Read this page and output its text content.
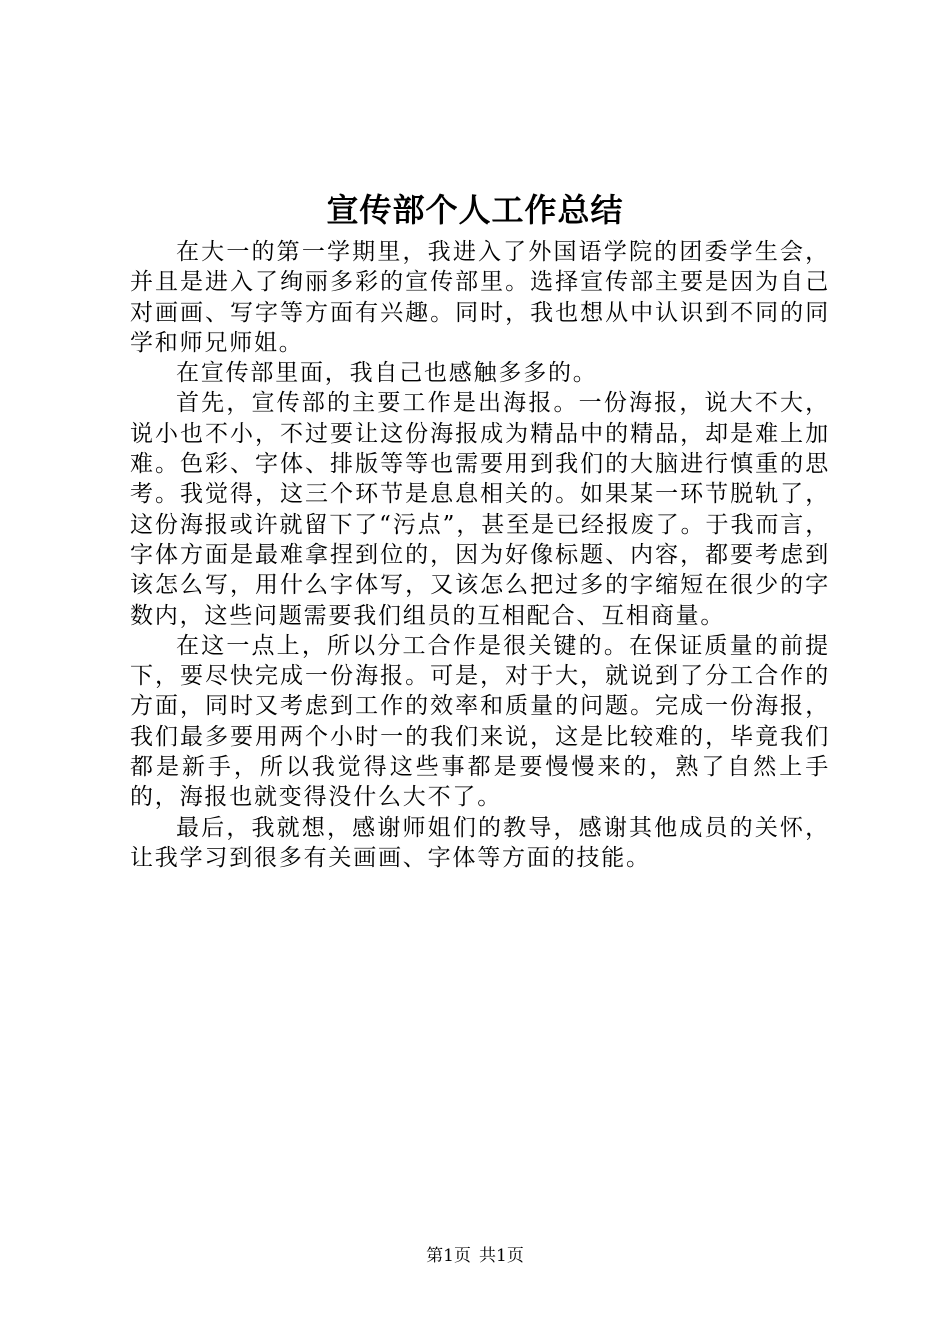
宣传部个人工作总结

在大一的第一学期里，我进入了外国语学院的团委学生会，并且是进入了绚丽多彩的宣传部里。选择宣传部主要是因为自己对画画、写字等方面有兴趣。同时，我也想从中认识到不同的同学和师兄师姐。

在宣传部里面，我自己也感触多多的。

首先，宣传部的主要工作是出海报。一份海报，说大不大，说小也不小，不过要让这份海报成为精品中的精品，却是难上加难。色彩、字体、排版等等也需要用到我们的大脑进行慎重的思考。我觉得，这三个环节是息息相关的。如果某一环节脱轨了，这份海报或许就留下了“污点”，甚至是已经报废了。于我而言，字体方面是最难拿捏到位的，因为好像标题、内容，都要考虑到该怎么写，用什么字体写，又该怎么把过多的字缩短在很少的字数内，这些问题需要我们组员的互相配合、互相商量。

在这一点上，所以分工合作是很关键的。在保证质量的前提下，要尽快完成一份海报。可是，对于大，就说到了分工合作的方面，同时又考虑到工作的效率和质量的问题。完成一份海报，我们最多要用两个小时一的我们来说，这是比较难的，毕竟我们都是新手，所以我觉得这些事都是要慢慢来的，熟了自然上手的，海报也就变得没什么大不了。

最后，我就想，感谢师姐们的教导，感谢其他成员的关怀，让我学习到很多有关画画、字体等方面的技能。

第1页 共1页
